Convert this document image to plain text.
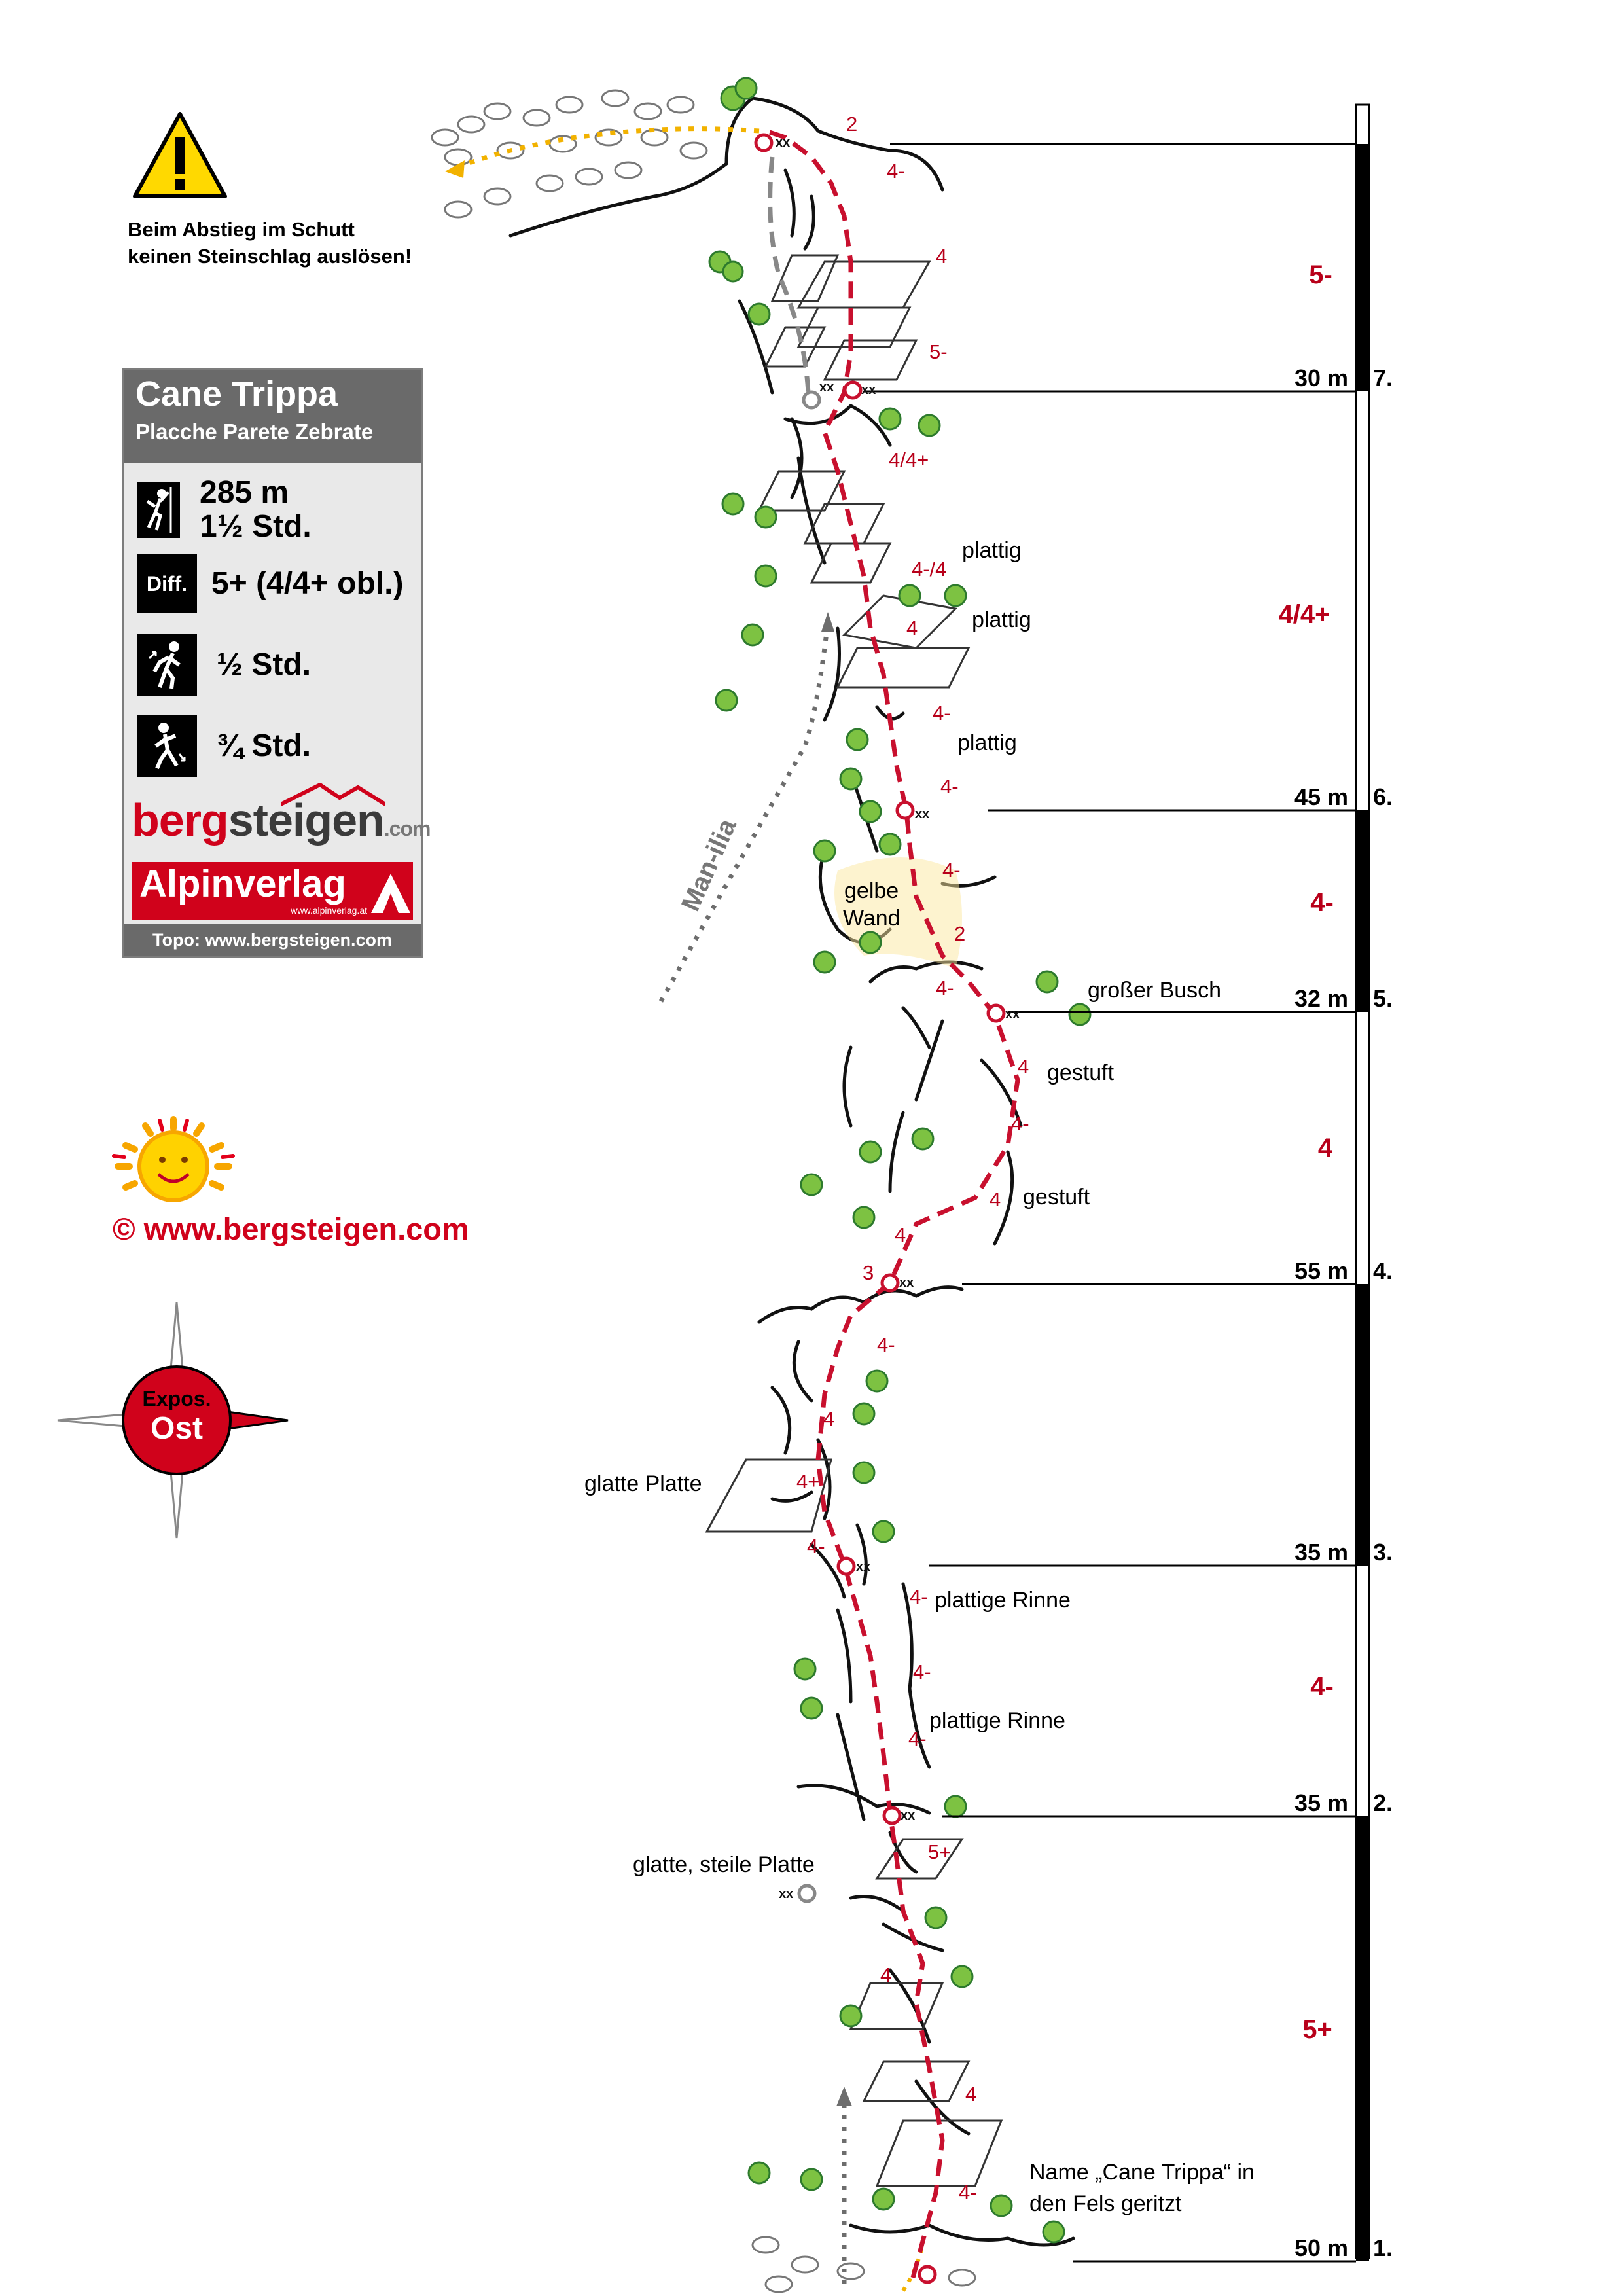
Beim Abstieg im Schutt
keinen Steinschlag auslösen!
Cane Trippa
Placche Parete Zebrate
285 m
1½ Std.
Diff. 5+ (4/4+ obl.)
½ Std.
¾ Std.
bergsteigen.com
Alpinverlag
www.alpinverlag.at
Topo: www.bergsteigen.com
© www.bergsteigen.com
Expos.
Ost
Man-ilia
30 m 7.
45 m 6.
32 m 5.
55 m 4.
35 m 3.
35 m 2.
50 m 1.
5-
4/4+
4-
4
4-
5+
2
4-
4
5-
4/4+
4-/4
4
4-
4-
4-
2
4-
4
4-
4
4
3
4-
4
4+
4-
4-
4-
4-
5+
4
4
4-
xx
xx
xx
xx
xx
xx
xx
xx
xx
plattig
plattig
plattig
gelbe
Wand
großer Busch
gestuft
gestuft
glatte Platte
plattige Rinne
plattige Rinne
glatte, steile Platte
Name „Cane Trippa“ in
den Fels geritzt
